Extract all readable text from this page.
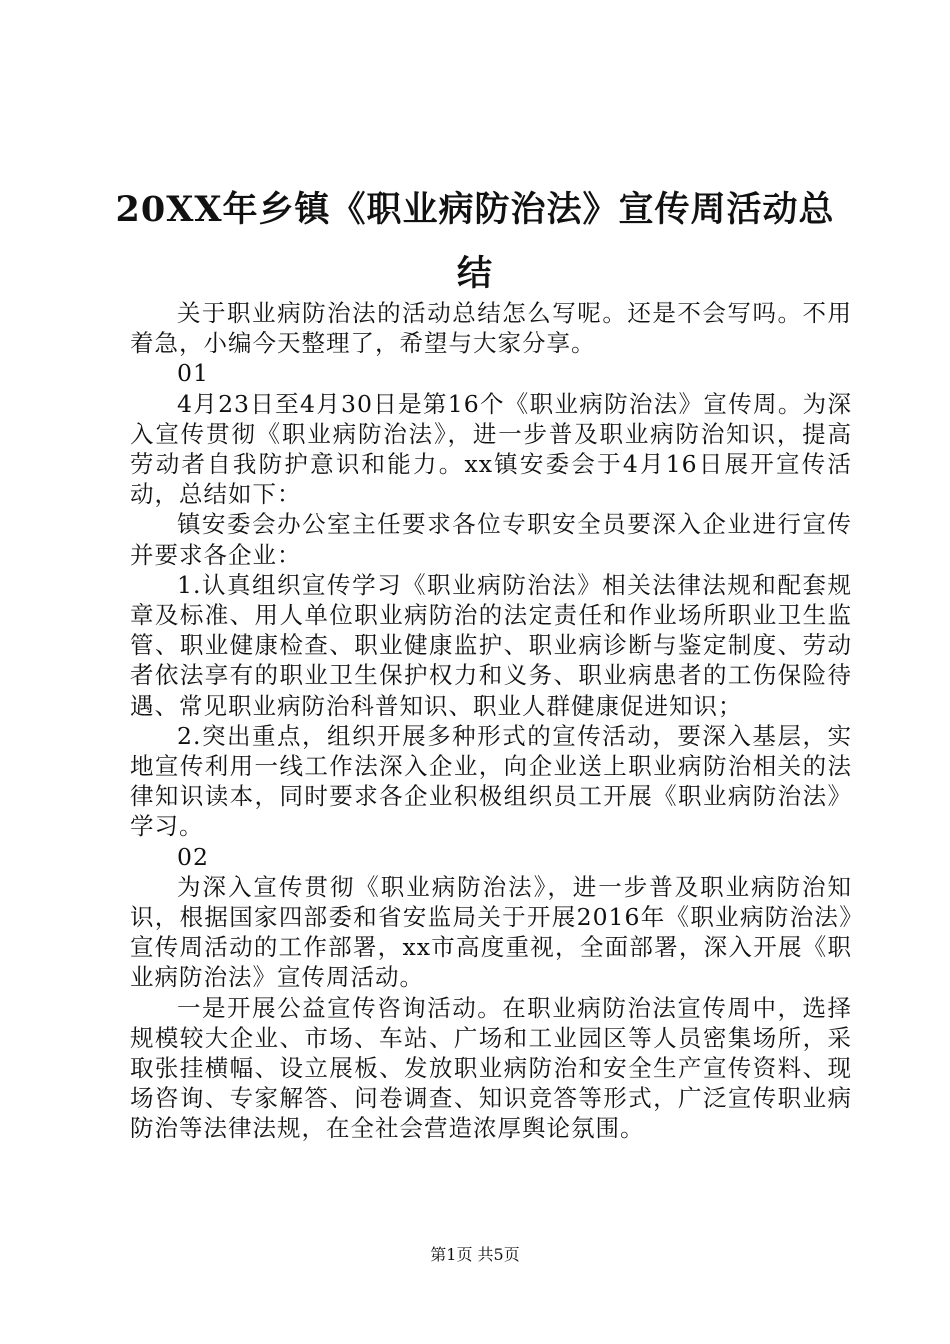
20XX年乡镇《职业病防治法》宣传周活动总结

关于职业病防治法的活动总结怎么写呢。还是不会写吗。不用着急，小编今天整理了，希望与大家分享。

01

4月23日至4月30日是第16个《职业病防治法》宣传周。为深入宣传贯彻《职业病防治法》，进一步普及职业病防治知识，提高劳动者自我防护意识和能力。xx镇安委会于4月16日展开宣传活动，总结如下：

镇安委会办公室主任要求各位专职安全员要深入企业进行宣传并要求各企业：

1.认真组织宣传学习《职业病防治法》相关法律法规和配套规章及标准、用人单位职业病防治的法定责任和作业场所职业卫生监管、职业健康检查、职业健康监护、职业病诊断与鉴定制度、劳动者依法享有的职业卫生保护权力和义务、职业病患者的工伤保险待遇、常见职业病防治科普知识、职业人群健康促进知识；

2.突出重点，组织开展多种形式的宣传活动，要深入基层，实地宣传利用一线工作法深入企业，向企业送上职业病防治相关的法律知识读本，同时要求各企业积极组织员工开展《职业病防治法》学习。

02

为深入宣传贯彻《职业病防治法》，进一步普及职业病防治知识，根据国家四部委和省安监局关于开展2016年《职业病防治法》宣传周活动的工作部署，xx市高度重视，全面部署，深入开展《职业病防治法》宣传周活动。

一是开展公益宣传咨询活动。在职业病防治法宣传周中，选择规模较大企业、市场、车站、广场和工业园区等人员密集场所，采取张挂横幅、设立展板、发放职业病防治和安全生产宣传资料、现场咨询、专家解答、问卷调查、知识竞答等形式，广泛宣传职业病防治等法律法规，在全社会营造浓厚舆论氛围。

第1页 共5页
